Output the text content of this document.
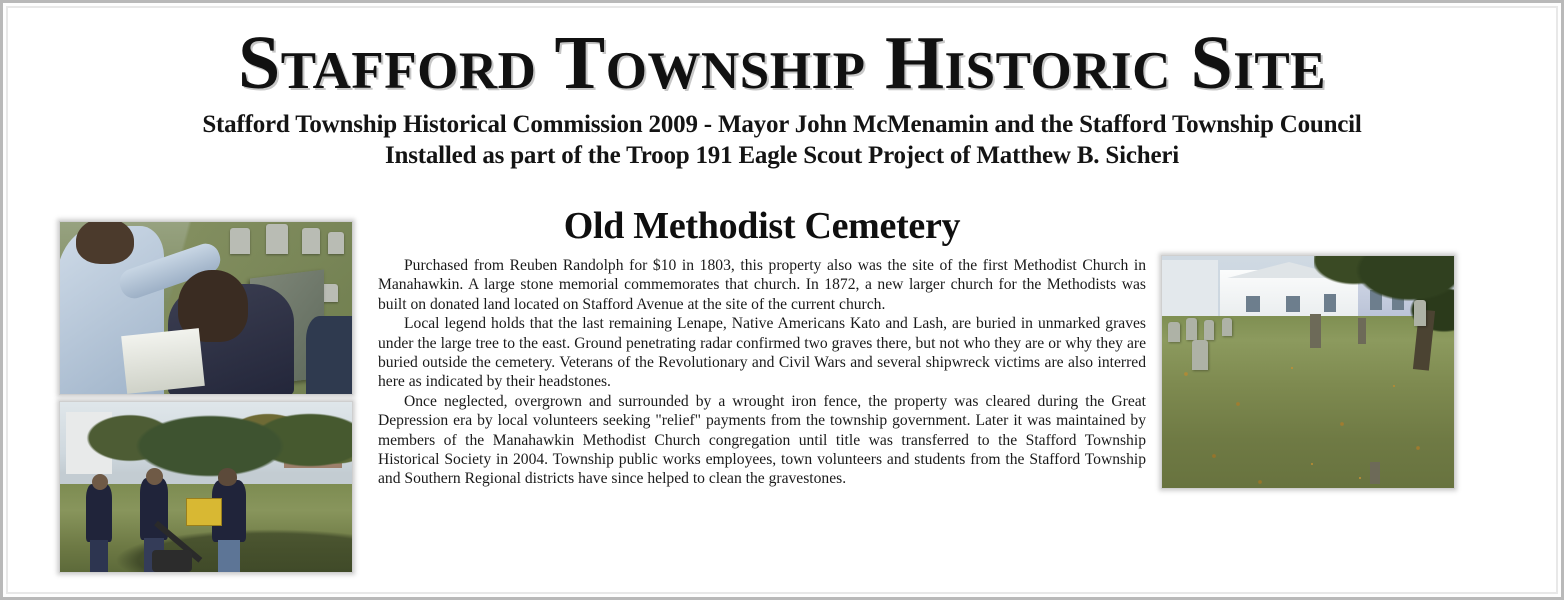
Stafford Township Historic Site
Stafford Township Historical Commission 2009 - Mayor John McMenamin and the Stafford Township Council
Installed as part of the Troop 191 Eagle Scout Project of Matthew B. Sicheri
Old Methodist Cemetery

Purchased from Reuben Randolph for $10 in 1803, this property also was the site of the first Methodist Church in Manahawkin. A large stone memorial commemorates that church. In 1872, a new larger church for the Methodists was built on donated land located on Stafford Avenue at the site of the current church.

Local legend holds that the last remaining Lenape, Native Americans Kato and Lash, are buried in unmarked graves under the large tree to the east. Ground penetrating radar confirmed two graves there, but not who they are or why they are buried outside the cemetery. Veterans of the Revolutionary and Civil Wars and several shipwreck victims are also interred here as indicated by their headstones.

Once neglected, overgrown and surrounded by a wrought iron fence, the property was cleared during the Great Depression era by local volunteers seeking "relief" payments from the township government. Later it was maintained by members of the Manahawkin Methodist Church congregation until title was transferred to the Stafford Township Historical Society in 2004. Township public works employees, town volunteers and students from the Stafford Township and Southern Regional districts have since helped to clean the gravestones.
